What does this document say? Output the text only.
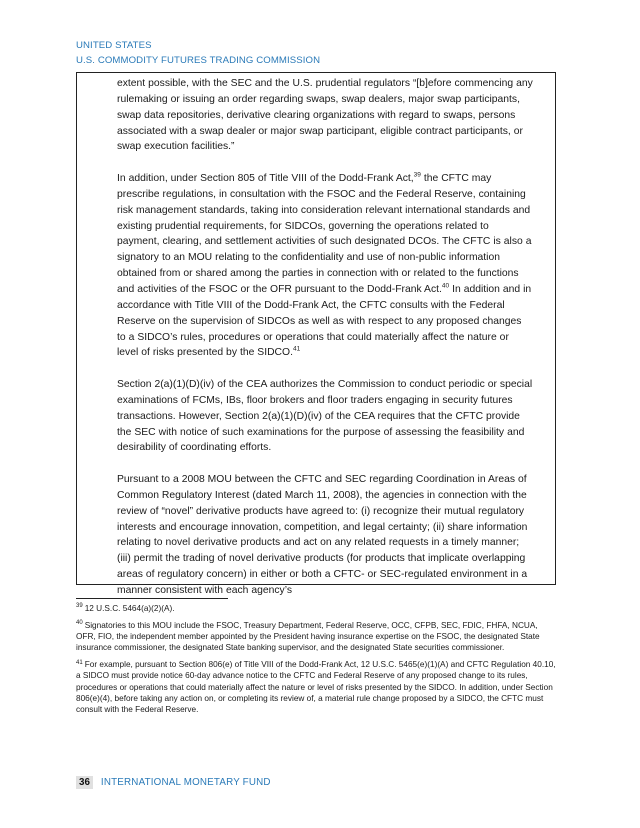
UNITED STATES
U.S. COMMODITY FUTURES TRADING COMMISSION

extent possible, with the SEC and the U.S. prudential regulators “[b]efore commencing any rulemaking or issuing an order regarding swaps, swap dealers, major swap participants, swap data repositories, derivative clearing organizations with regard to swaps, persons associated with a swap dealer or major swap participant, eligible contract participants, or swap execution facilities.”

In addition, under Section 805 of Title VIII of the Dodd-Frank Act,$^{39}$ the CFTC may prescribe regulations, in consultation with the FSOC and the Federal Reserve, containing risk management standards, taking into consideration relevant international standards and existing prudential requirements, for SIDCOs, governing the operations related to payment, clearing, and settlement activities of such designated DCOs. The CFTC is also a signatory to an MOU relating to the confidentiality and use of non-public information obtained from or shared among the parties in connection with or related to the functions and activities of the FSOC or the OFR pursuant to the Dodd-Frank Act.$^{40}$ In addition and in accordance with Title VIII of the Dodd-Frank Act, the CFTC consults with the Federal Reserve on the supervision of SIDCOs as well as with respect to any proposed changes to a SIDCO’s rules, procedures or operations that could materially affect the nature or level of risks presented by the SIDCO.$^{41}$

Section 2(a)(1)(D)(iv) of the CEA authorizes the Commission to conduct periodic or special examinations of FCMs, IBs, floor brokers and floor traders engaging in security futures transactions. However, Section 2(a)(1)(D)(iv) of the CEA requires that the CFTC provide the SEC with notice of such examinations for the purpose of assessing the feasibility and desirability of coordinating efforts.

Pursuant to a 2008 MOU between the CFTC and SEC regarding Coordination in Areas of Common Regulatory Interest (dated March 11, 2008), the agencies in connection with the review of “novel” derivative products have agreed to: (i) recognize their mutual regulatory interests and encourage innovation, competition, and legal certainty; (ii) share information relating to novel derivative products and act on any related requests in a timely manner; (iii) permit the trading of novel derivative products (for products that implicate overlapping areas of regulatory concern) in either or both a CFTC- or SEC-regulated environment in a manner consistent with each agency’s

$^{39}$ 12 U.S.C. 5464(a)(2)(A).

$^{40}$ Signatories to this MOU include the FSOC, Treasury Department, Federal Reserve, OCC, CFPB, SEC, FDIC, FHFA, NCUA, OFR, FIO, the independent member appointed by the President having insurance expertise on the FSOC, the designated State insurance commissioner, the designated State banking supervisor, and the designated State securities commissioner.

$^{41}$ For example, pursuant to Section 806(e) of Title VIII of the Dodd-Frank Act, 12 U.S.C. 5465(e)(1)(A) and CFTC Regulation 40.10, a SIDCO must provide notice 60-day advance notice to the CFTC and Federal Reserve of any proposed change to its rules, procedures or operations that could materially affect the nature or level of risks presented by the SIDCO. In addition, under Section 806(e)(4), before taking any action on, or completing its review of, a material rule change proposed by a SIDCO, the CFTC must consult with the Federal Reserve.

36	INTERNATIONAL MONETARY FUND
